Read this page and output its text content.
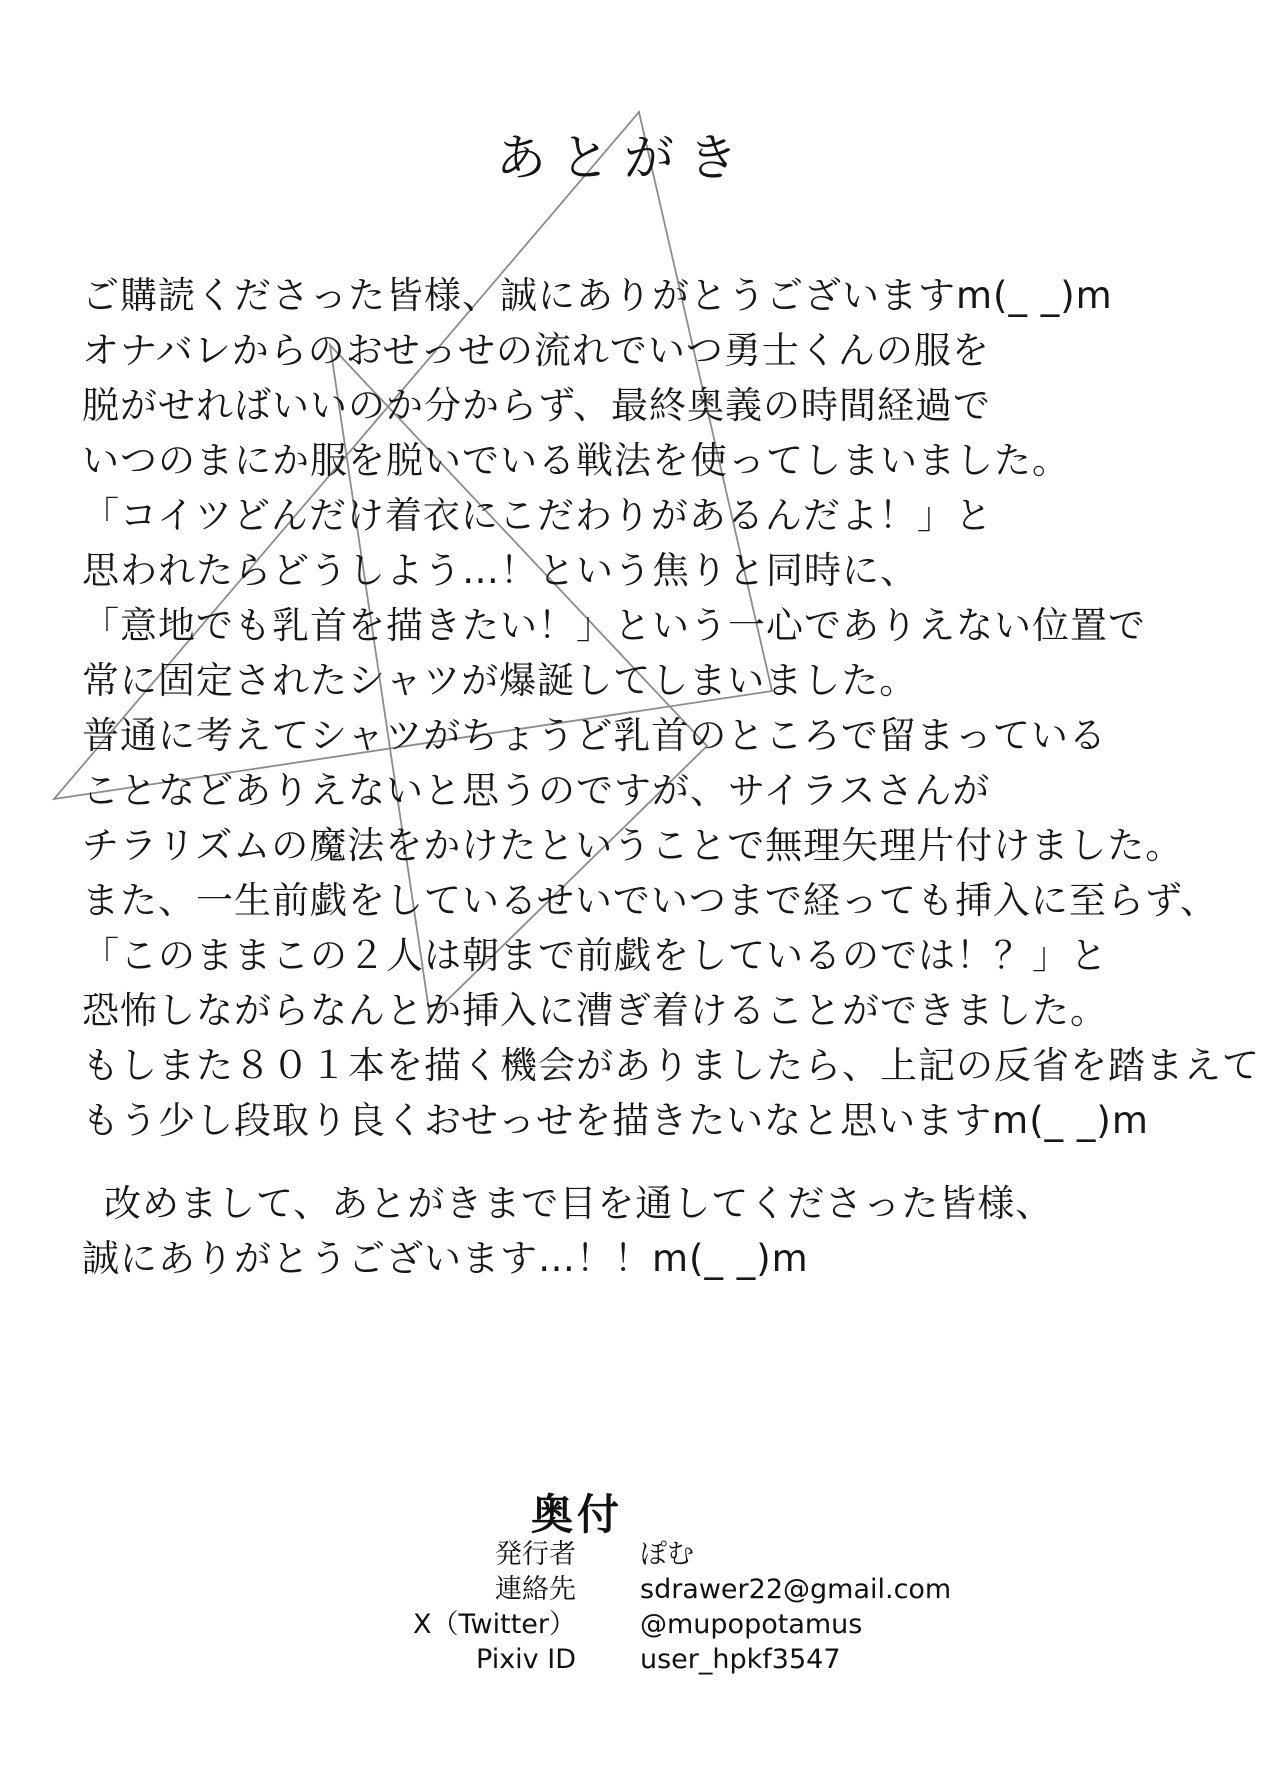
あとがき
ご購読くださった皆様、誠にありがとうございますm(_ _)m
オナバレからのおせっせの流れでいつ勇士くんの服を
脱がせればいいのか分からず、最終奥義の時間経過で
いつのまにか服を脱いでいる戦法を使ってしまいました。
「コイツどんだけ着衣にこだわりがあるんだよ！」と
思われたらどうしよう…！という焦りと同時に、
「意地でも乳首を描きたい！」という一心でありえない位置で
常に固定されたシャツが爆誕してしまいました。
普通に考えてシャツがちょうど乳首のところで留まっている
ことなどありえないと思うのですが、サイラスさんが
チラリズムの魔法をかけたということで無理矢理片付けました。
また、一生前戯をしているせいでいつまで経っても挿入に至らず、
「このままこの２人は朝まで前戯をしているのでは！？」と
恐怖しながらなんとか挿入に漕ぎ着けることができました。
もしまた８０１本を描く機会がありましたら、上記の反省を踏まえて
もう少し段取り良くおせっせを描きたいなと思いますm(_ _)m
改めまして、あとがきまで目を通してくださった皆様、
誠にありがとうございます…！！m(_ _)m
奥付
発行者 ぽむ
連絡先 sdrawer22@gmail.com
X（Twitter） @mupopotamus
Pixiv ID user_hpkf3547
